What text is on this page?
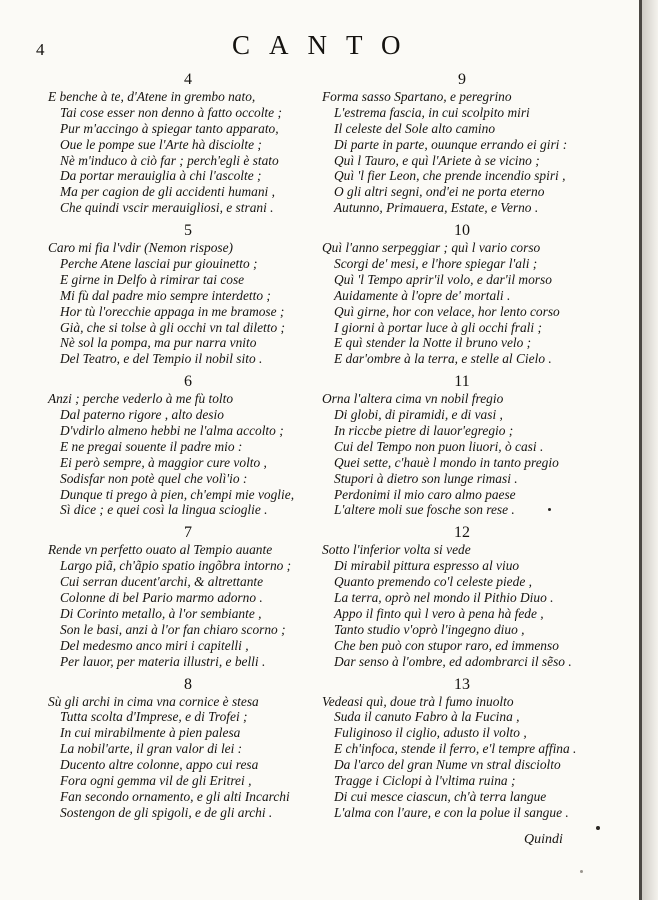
4	CANTO
4
E benche à te, d'Atene in grembo nato,
Tai cose esser non denno à fatto occolte ;
Pur m'accingo à spiegar tanto apparato,
Oue le pompe sue l'Arte hà disciolte ;
Nè m'induco à ciò far ; perch'egli è stato
Da portar merauiglia à chi l'ascolte ;
Ma per cagion de gli accidenti humani ,
Che quindi vscir merauigliosi, e strani .
5
Caro mi fia l'vdir (Nemon rispose)
Perche Atene lasciai pur giouinetto ;
E girne in Delfo à rimirar tai cose
Mi fù dal padre mio sempre interdetto ;
Hor tù l'orecchie appaga in me bramose ;
Già, che si tolse à gli occhi vn tal diletto ;
Nè sol la pompa, ma pur narra vnito
Del Teatro, e del Tempio il nobil sito .
6
Anzi ; perche vederlo à me fù tolto
Dal paterno rigore , alto desio
D'vdirlo almeno hebbi ne l'alma accolto ;
E ne pregai souente il padre mio :
Ei però sempre, à maggior cure volto ,
Sodisfar non potè quel che volì'io :
Dunque ti prego à pien, ch'empi mie voglie,
Sì dice ; e quei così la lingua scioglie .
7
Rende vn perfetto ouato al Tempio auante
Largo piã, ch'ãpio spatio ingõbra intorno ;
Cui serran ducent'archi, & altrettante
Colonne di bel Pario marmo adorno .
Di Corinto metallo, à l'or sembiante ,
Son le basi, anzi à l'or fan chiaro scorno ;
Del medesmo anco miri i capitelli ,
Per lauor, per materia illustri, e belli .
8
Sù gli archi in cima vna cornice è stesa
Tutta scolta d'Imprese, e di Trofei ;
In cui mirabilmente à pien palesa
La nobil'arte, il gran valor di lei :
Ducento altre colonne, appo cui resa
Fora ogni gemma vil de gli Eritrei ,
Fan secondo ornamento, e gli alti Incarchi
Sostengon de gli spigoli, e de gli archi .
9
Forma sasso Spartano, e peregrino
L'estrema fascia, in cui scolpito miri
Il celeste del Sole alto camino
Di parte in parte, ouunque errando ei giri :
Quì l Tauro, e quì l'Ariete à se vicino ;
Quì 'l fier Leon, che prende incendio spiri ,
O gli altri segni, ond'ei ne porta eterno
Autunno, Primauera, Estate, e Verno .
10
Quì l'anno serpeggiar ; quì l vario corso
Scorgi de' mesi, e l'hore spiegar l'ali ;
Quì 'l Tempo aprir'il volo, e dar'il morso
Auidamente à l'opre de' mortali .
Quì girne, hor con velace, hor lento corso
I giorni à portar luce à gli occhi frali ;
E quì stender la Notte il bruno velo ;
E dar'ombre à la terra, e stelle al Cielo .
11
Orna l'altera cima vn nobil fregio
Di globi, di piramidi, e di vasi ,
In riccbe pietre di lauor'egregio ;
Cui del Tempo non puon liuori, ò casi .
Quei sette, c'hauè l mondo in tanto pregio
Stupori à dietro son lunge rimasi .
Perdonimi il mio caro almo paese
L'altere moli sue fosche son rese .
12
Sotto l'inferior volta si vede
Di mirabil pittura espresso al viuo
Quanto premendo co'l celeste piede ,
La terra, oprò nel mondo il Pithio Diuo .
Appo il finto quì l vero à pena hà fede ,
Tanto studio v'oprò l'ingegno diuo ,
Che ben può con stupor raro, ed immenso
Dar senso à l'ombre, ed adombrarci il sẽso .
13
Vedeasi quì, doue trà l fumo inuolto
Suda il canuto Fabro à la Fucina ,
Fuliginoso il ciglio, adusto il volto ,
E ch'infoca, stende il ferro, e'l tempre affina .
Da l'arco del gran Nume vn stral disciolto
Tragge i Ciclopi à l'vltima ruina ;
Di cui mesce ciascun, ch'à terra langue
L'alma con l'aure, e con la polue il sangue .
Quindi
